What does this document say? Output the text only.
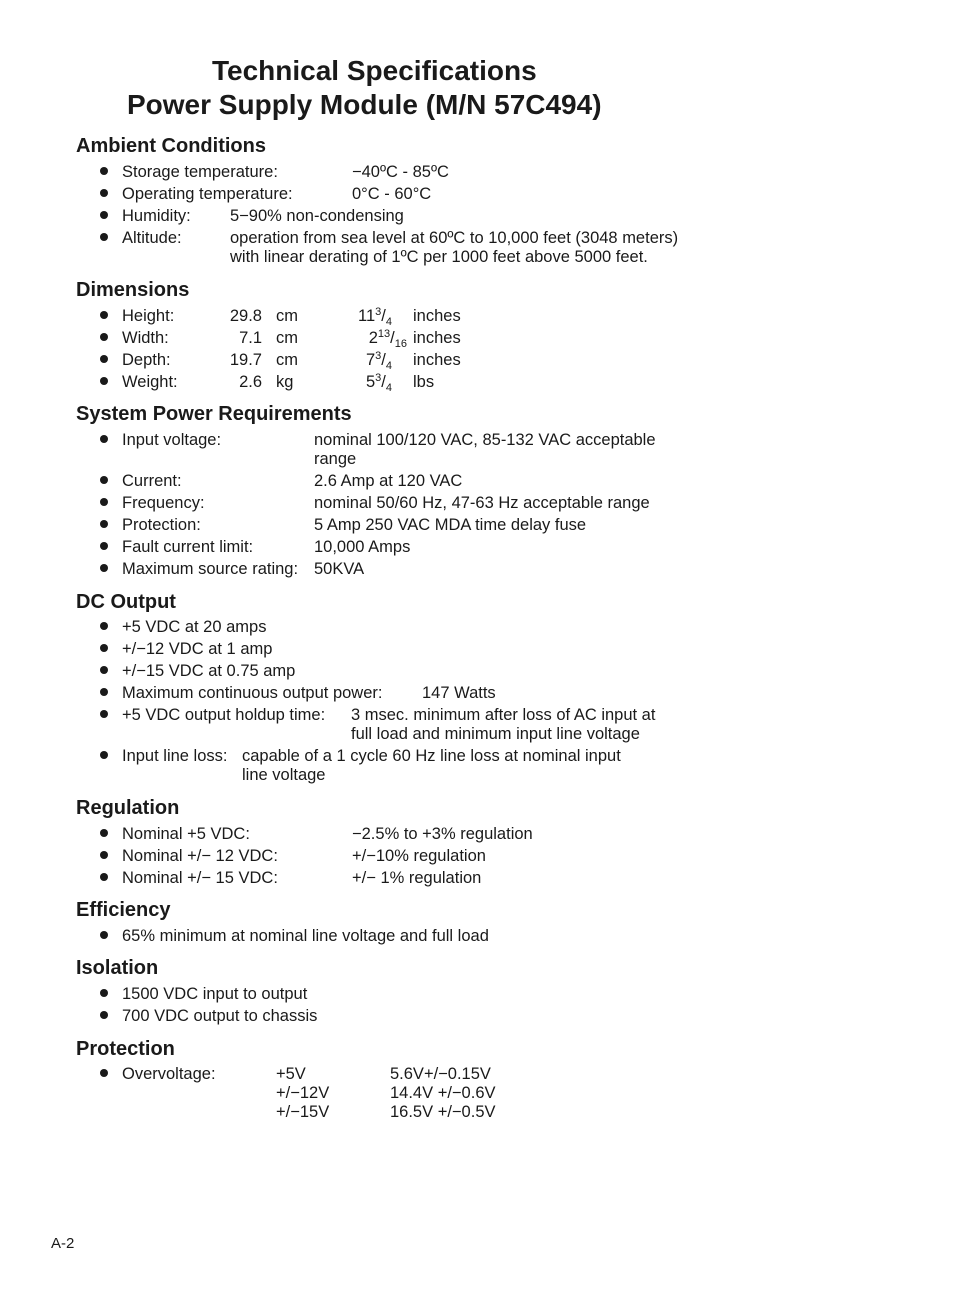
Technical Specifications
Power Supply Module (M/N 57C494)
Ambient Conditions
Storage temperature:	−40ºC - 85ºC
Operating temperature:	0°C - 60°C
Humidity: 5−90% non-condensing
Altitude:	operation from sea level at 60ºC to 10,000 feet (3048 meters)
with linear derating of 1ºC per 1000 feet above 5000 feet.
Dimensions
Height:	29.8 cm	$11^3/_4$ inches
Width:	7.1 cm	$2^{13}/_{16}$ inches
Depth:	19.7 cm	$7^3/_4$ inches
Weight:	2.6 kg	$5^3/_4$ lbs
System Power Requirements
Input voltage:	nominal 100/120 VAC, 85-132 VAC acceptable
range
Current:	2.6 Amp at 120 VAC
Frequency:	nominal 50/60 Hz, 47-63 Hz acceptable range
Protection:	5 Amp 250 VAC MDA time delay fuse
Fault current limit:	10,000 Amps
Maximum source rating: 50KVA
DC Output
+5 VDC at 20 amps
+/−12 VDC at 1 amp
+/−15 VDC at 0.75 amp
Maximum continuous output power: 147 Watts
+5 VDC output holdup time: 3 msec. minimum after loss of AC input at
full load and minimum input line voltage
Input line loss: capable of a 1 cycle 60 Hz line loss at nominal input
line voltage
Regulation
Nominal +5 VDC:	−2.5% to +3% regulation
Nominal +/− 12 VDC:	+/−10% regulation
Nominal +/− 15 VDC:	+/− 1% regulation
Efficiency
65% minimum at nominal line voltage and full load
Isolation
1500 VDC input to output
700 VDC output to chassis
Protection
Overvoltage:	+5V	5.6V+/−0.15V
+/−12V	14.4V +/−0.6V
+/−15V	16.5V +/−0.5V
A-2
